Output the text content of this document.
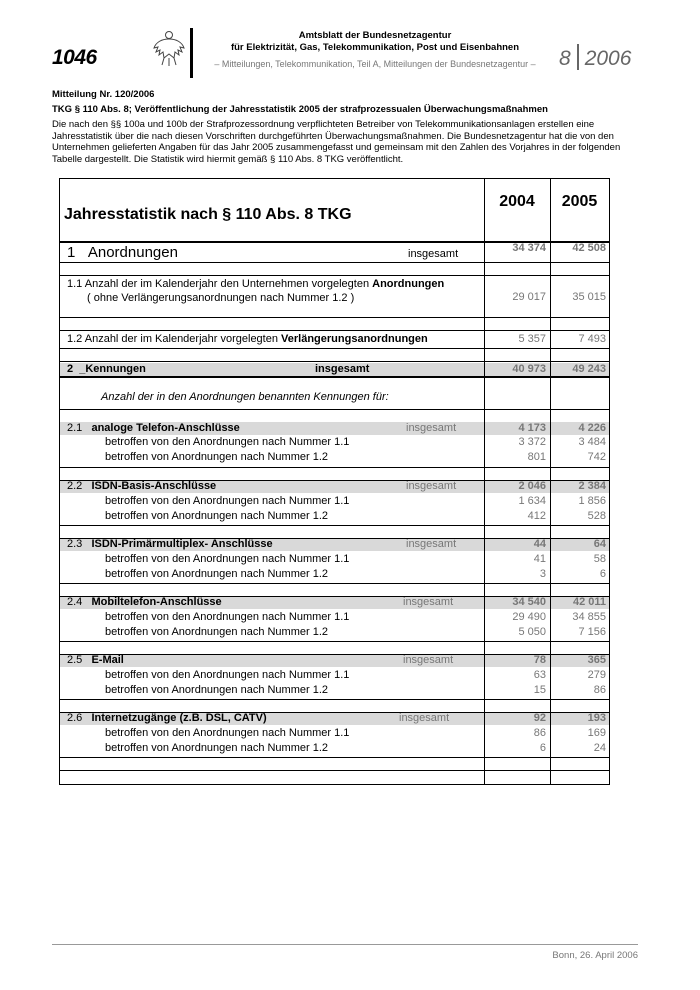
1046
Amtsblatt der Bundesnetzagentur
für Elektrizität, Gas, Telekommunikation, Post und Eisenbahnen
– Mitteilungen, Telekommunikation, Teil A, Mitteilungen der Bundesnetzagentur –	8 2006
Mitteilung Nr. 120/2006
TKG § 110 Abs. 8; Veröffentlichung der Jahresstatistik 2005 der strafprozessualen Überwachungsmaßnahmen
Die nach den §§ 100a und 100b der Strafprozessordnung verpflichteten Betreiber von Telekommunikationsanlagen erstellen eine Jahresstatistik über die nach diesen Vorschriften durchgeführten Überwachungsmaßnahmen. Die Bundesnetzagentur hat die von den Unternehmen gelieferten Angaben für das Jahr 2005 zusammengefasst und gemeinsam mit den Zahlen des Vorjahres in der folgenden Tabelle dargestellt. Die Statistik wird hiermit gemäß § 110 Abs. 8 TKG veröffentlicht.
Jahresstatistik nach § 110 Abs. 8 TKG
2004	2005
1 Anordnungen	insgesamt	34 374	42 508
1.1 Anzahl der im Kalenderjahr den Unternehmen vorgelegten Anordnungen
( ohne Verlängerungsanordnungen nach Nummer 1.2 )	29 017	35 015
1.2 Anzahl der im Kalenderjahr vorgelegten Verlängerungsanordnungen	5 357	7 493
2 _Kennungen	insgesamt	40 973	49 243
Anzahl der in den Anordnungen benannten Kennungen für:
2.1 analoge Telefon-Anschlüsse	insgesamt	4 173	4 226
betroffen von den Anordnungen nach Nummer 1.1	3 372	3 484
betroffen von Anordnungen nach Nummer 1.2	801	742
2.2 ISDN-Basis-Anschlüsse	insgesamt	2 046	2 384
betroffen von den Anordnungen nach Nummer 1.1	1 634	1 856
betroffen von Anordnungen nach Nummer 1.2	412	528
2.3 ISDN-Primärmultiplex- Anschlüsse	insgesamt	44	64
betroffen von den Anordnungen nach Nummer 1.1	41	58
betroffen von Anordnungen nach Nummer 1.2	3	6
2.4 Mobiltelefon-Anschlüsse	insgesamt	34 540	42 011
betroffen von den Anordnungen nach Nummer 1.1	29 490	34 855
betroffen von Anordnungen nach Nummer 1.2	5 050	7 156
2.5 E-Mail	insgesamt	78	365
betroffen von den Anordnungen nach Nummer 1.1	63	279
betroffen von Anordnungen nach Nummer 1.2	15	86
2.6 Internetzugänge (z.B. DSL, CATV)	insgesamt	92	193
betroffen von den Anordnungen nach Nummer 1.1	86	169
betroffen von Anordnungen nach Nummer 1.2	6	24
Bonn, 26. April 2006
